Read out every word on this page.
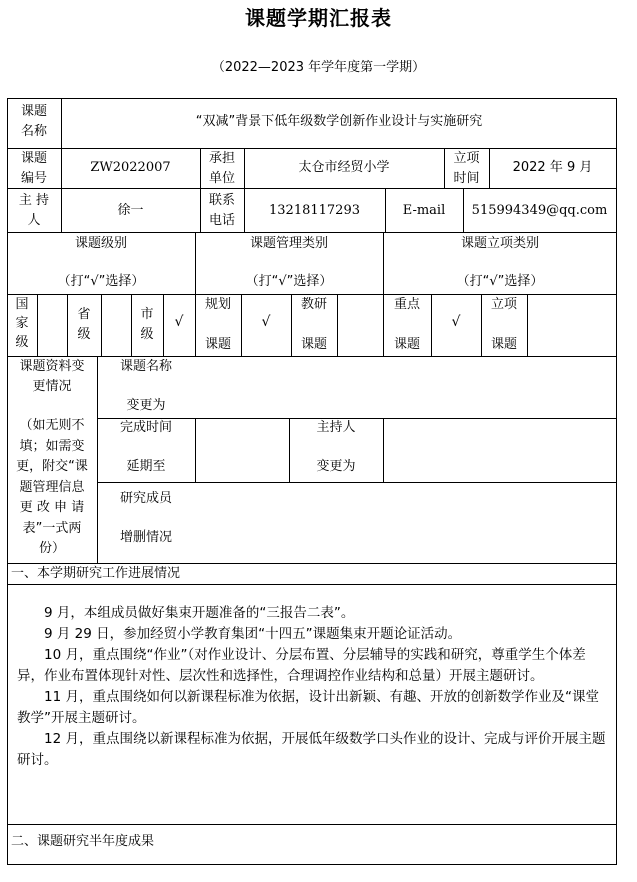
课题学期汇报表
（2022—2023 年学年度第一学期）
课题
名称
“双减”背景下低年级数学创新作业设计与实施研究
课题
编号
ZW2022007
承担
单位
太仓市经贸小学
立项
时间
2022 年 9 月
主 持
人
徐一
联系
电话
13218117293	E-mail	515994349@qq.com
课题级别
（打“√”选择）
课题管理类别
（打“√”选择）
课题立项类别
（打“√”选择）
国
家
级
省
级
市
级
√
规划
课题
√
教研
课题
重点
课题
√
立项
课题
课题资料变
更情况
（如无则不
填；如需变
更，附交“课
题管理信息
更 改 申 请
表”一式两
份）
课题名称
变更为
完成时间
延期至
主持人
变更为
研究成员
增删情况
一、本学期研究工作进展情况
二、课题研究半年度成果

9 月，本组成员做好集束开题准备的“三报告二表”。

9 月 29 日，参加经贸小学教育集团“十四五”课题集束开题论证活动。

10 月，重点围绕“作业”（对作业设计、分层布置、分层辅导的实践和研究，尊重学生个体差异，作业布置体现针对性、层次性和选择性，合理调控作业结构和总量）开展主题研讨。

11 月，重点围绕如何以新课程标准为依据，设计出新颖、有趣、开放的创新数学作业及“课堂教学”开展主题研讨。

12 月，重点围绕以新课程标准为依据，开展低年级数学口头作业的设计、完成与评价开展主题研讨。
